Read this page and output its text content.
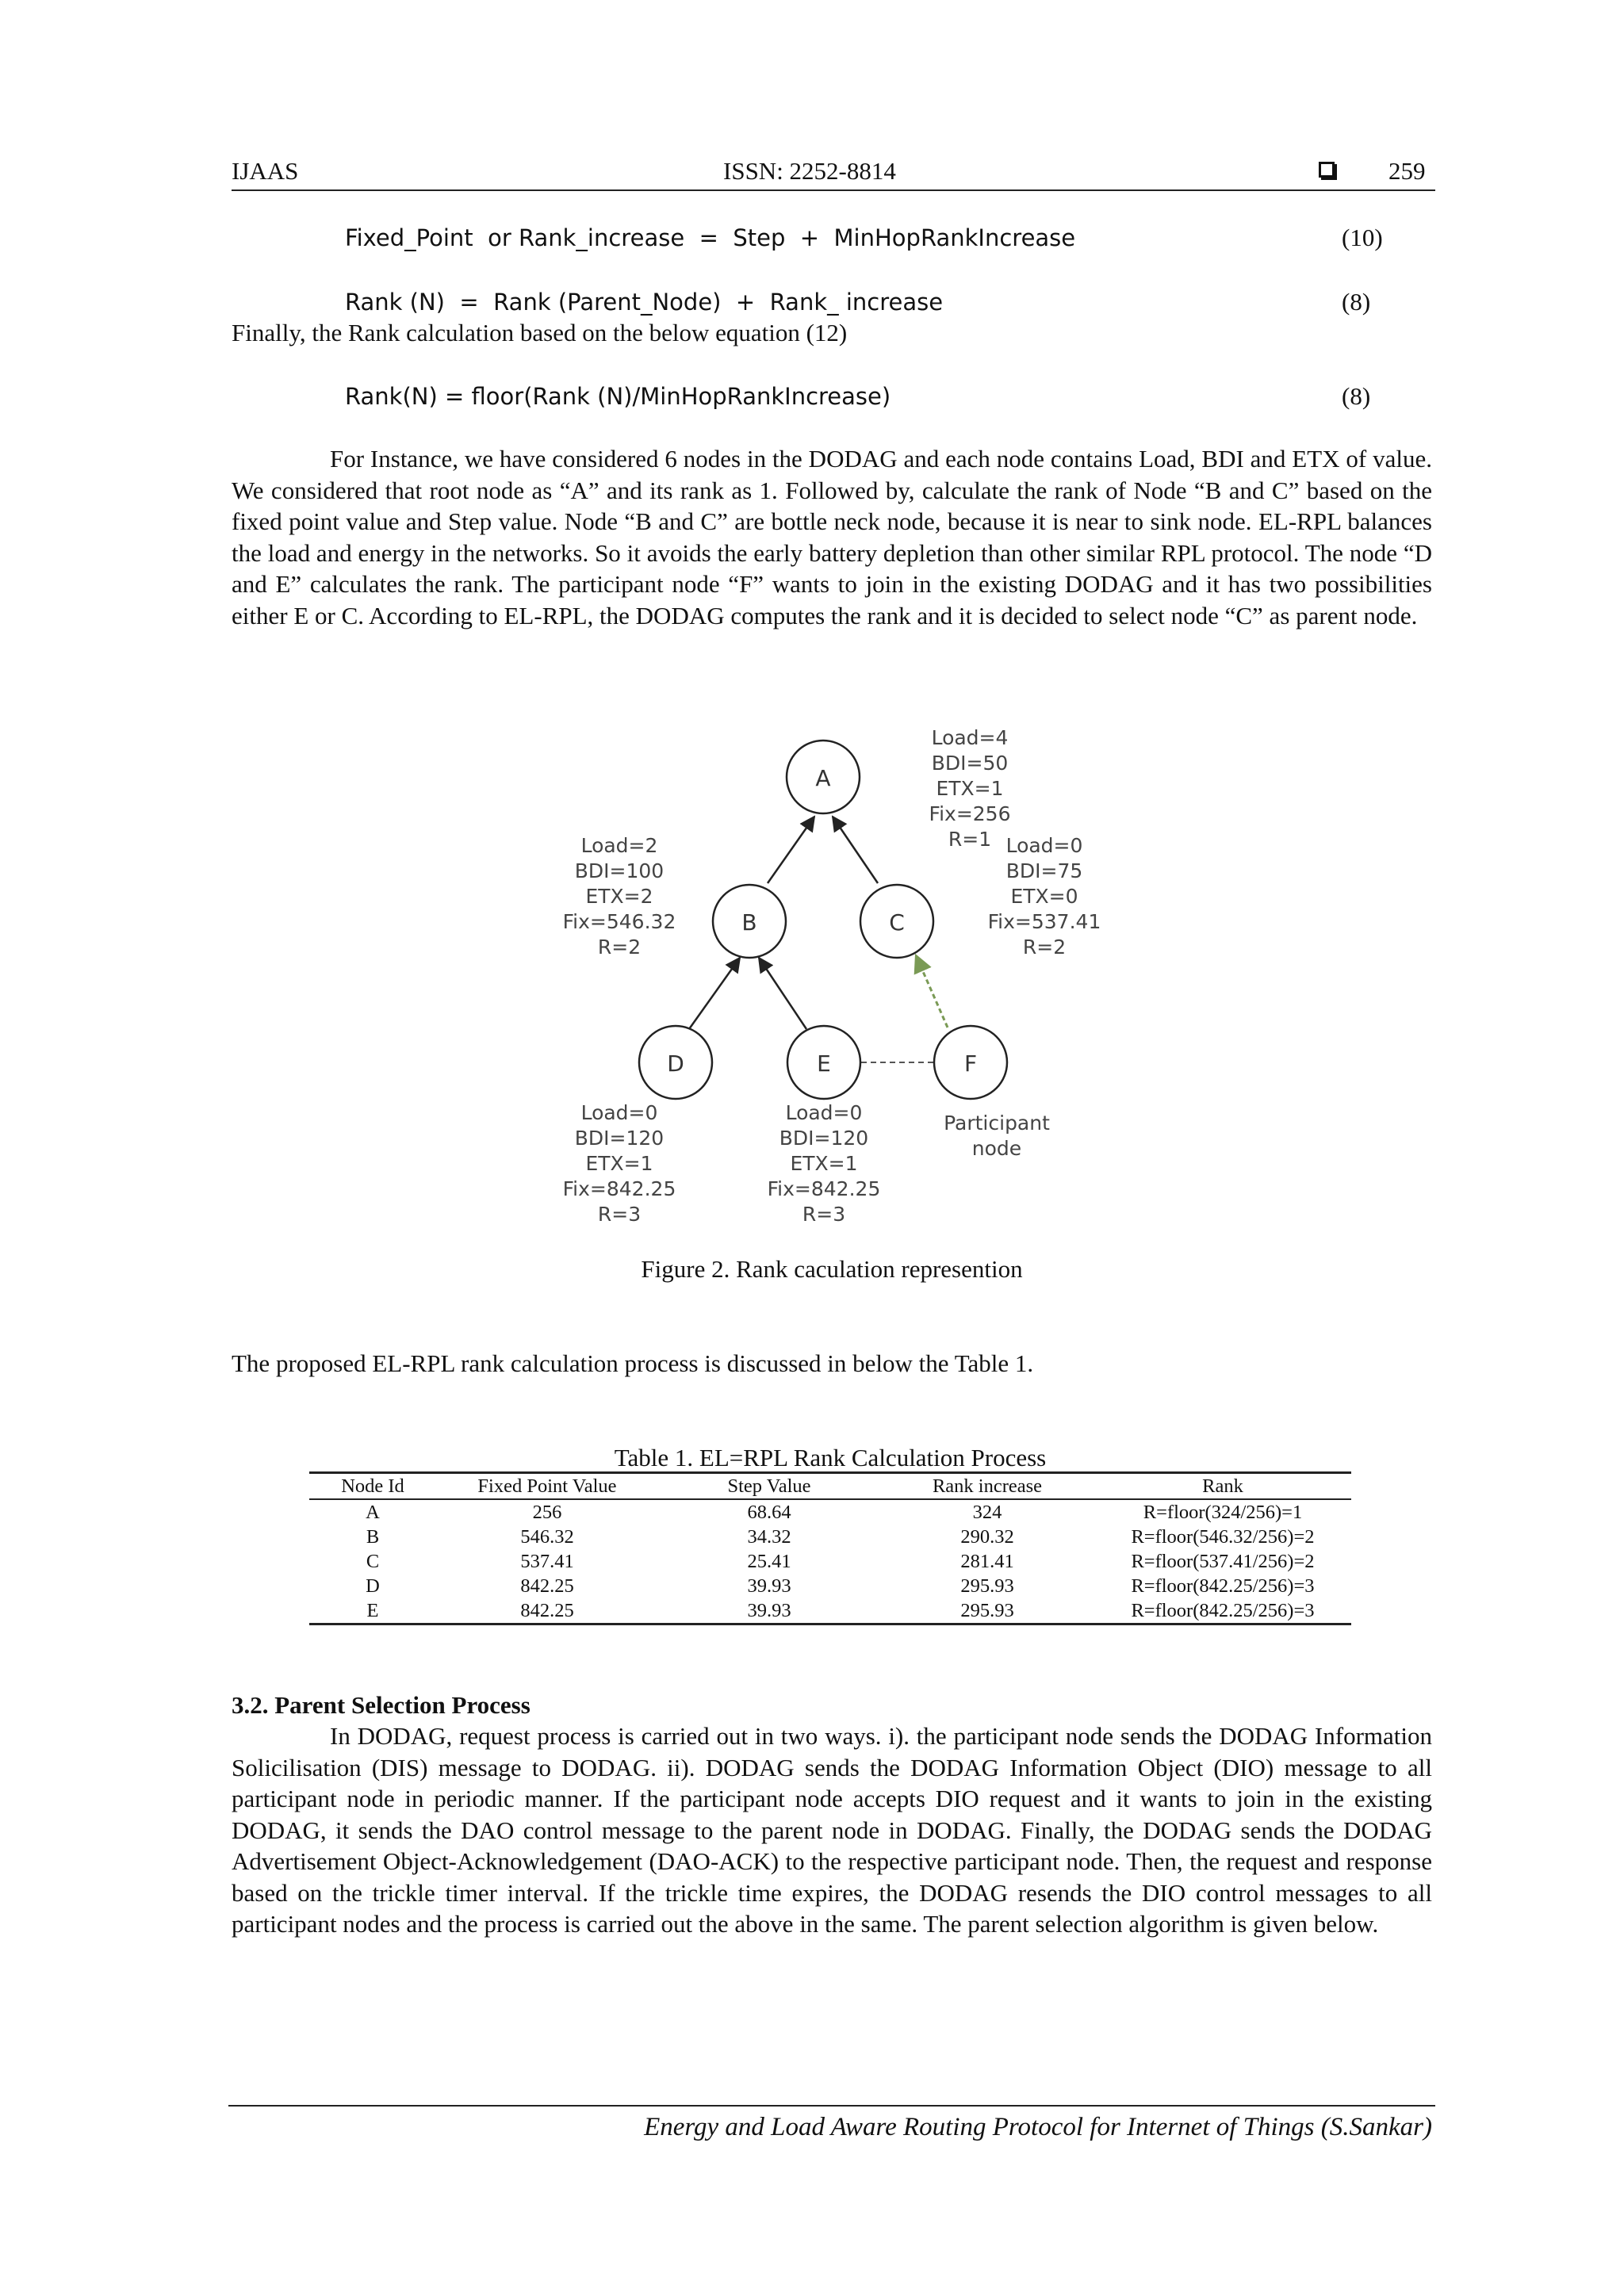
IJAAS	ISSN: 2252-8814	259
Fixed_Point  or Rank_increase  =  Step  +  MinHopRankIncrease	(10)
Rank (N)  =  Rank (Parent_Node)  +  Rank_ increase	(8)
Finally, the Rank calculation based on the below equation (12)
Rank(N) = floor(Rank (N)/MinHopRankIncrease)	(8)
For Instance, we have considered 6 nodes in the DODAG and each node contains Load, BDI and ETX of value. We considered that root node as “A” and its rank as 1. Followed by, calculate the rank of Node “B and C” based on the fixed point value and Step value. Node “B and C” are bottle neck node, because it is near to sink node. EL-RPL balances the load and energy in the networks. So it avoids the early battery depletion than other similar RPL protocol. The node “D and E” calculates the rank. The participant node “F” wants to join in the existing DODAG and it has two possibilities either E or C. According to EL-RPL, the DODAG computes the rank and it is decided to select node “C” as parent node.
A
B	C
D	E	F
Load=4
BDI=50
ETX=1
Fix=256
R=1
Load=2
BDI=100
ETX=2
Fix=546.32
R=2
Load=0
BDI=75
ETX=0
Fix=537.41
R=2
Load=0
BDI=120
ETX=1
Fix=842.25
R=3
Load=0
BDI=120
ETX=1
Fix=842.25
R=3
Participant
node
Figure 2. Rank caculation represention
The proposed EL-RPL rank calculation process is discussed in below the Table 1.
Table 1. EL=RPL Rank Calculation Process
Node Id	Fixed Point Value	Step Value	Rank increase	Rank
A	256	68.64	324	R=floor(324/256)=1
B	546.32	34.32	290.32	R=floor(546.32/256)=2
C	537.41	25.41	281.41	R=floor(537.41/256)=2
D	842.25	39.93	295.93	R=floor(842.25/256)=3
E	842.25	39.93	295.93	R=floor(842.25/256)=3
3.2. Parent Selection Process
In DODAG, request process is carried out in two ways. i). the participant node sends the DODAG Information Solicilisation (DIS) message to DODAG. ii). DODAG sends the DODAG Information Object (DIO) message to all participant node in periodic manner. If the participant node accepts DIO request and it wants to join in the existing DODAG, it sends the DAO control message to the parent node in DODAG. Finally, the DODAG sends the DODAG Advertisement Object-Acknowledgement (DAO-ACK) to the respective participant node. Then, the request and response based on the trickle timer interval. If the trickle time expires, the DODAG resends the DIO control messages to all participant nodes and the process is carried out the above in the same. The parent selection algorithm is given below.
Energy and Load Aware Routing Protocol for Internet of Things (S.Sankar)
